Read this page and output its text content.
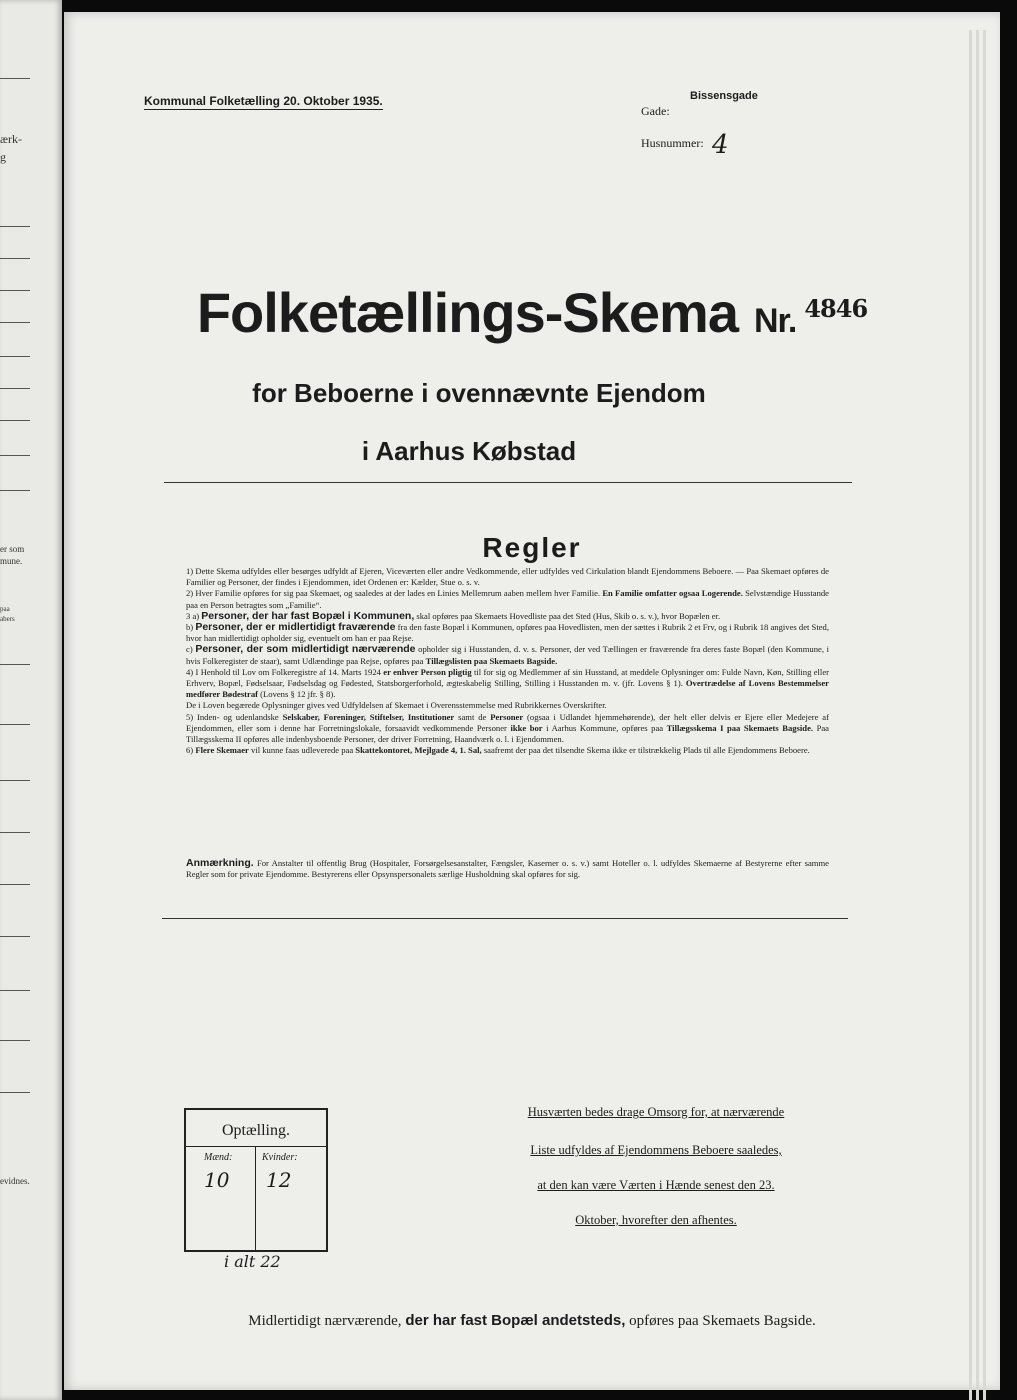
ærk-
g
er som
mune.
paa
abers
evidnes.
Kommunal Folketælling 20. Oktober 1935.
Gade:
Bissensgade
Husnummer: 4
Folketællings-Skema Nr. $^{4846}$
for Beboerne i ovennævnte Ejendom
i Aarhus Købstad
Regler

1) Dette Skema udfyldes eller besørges udfyldt af Ejeren, Viceværten eller andre Vedkommende, eller udfyldes ved Cirkulation blandt Ejendommens Beboere. — Paa Skemaet opføres de Familier og Personer, der findes i Ejendommen, idet Ordenen er: Kælder, Stue o. s. v.

2) Hver Familie opføres for sig paa Skemaet, og saaledes at der lades en Linies Mellemrum aaben mellem hver Familie. En Familie omfatter ogsaa Logerende. Selvstændige Husstande paa en Person betragtes som „Familie“.

3 a) Personer, der har fast Bopæl i Kommunen, skal opføres paa Skemaets Hovedliste paa det Sted (Hus, Skib o. s. v.), hvor Bopælen er.

b) Personer, der er midlertidigt fraværende fra den faste Bopæl i Kommunen, opføres paa Hovedlisten, men der sættes i Rubrik 2 et Frv, og i Rubrik 18 angives det Sted, hvor han midlertidigt opholder sig, eventuelt om han er paa Rejse.

c) Personer, der som midlertidigt nærværende opholder sig i Husstanden, d. v. s. Personer, der ved Tællingen er fraværende fra deres faste Bopæl (den Kommune, i hvis Folkeregister de staar), samt Udlændinge paa Rejse, opføres paa Tillægslisten paa Skemaets Bagside.

4) I Henhold til Lov om Folkeregistre af 14. Marts 1924 er enhver Person pligtig til for sig og Medlemmer af sin Husstand, at meddele Oplysninger om: Fulde Navn, Køn, Stilling eller Erhverv, Bopæl, Fødselsaar, Fødselsdag og Fødested, Statsborgerforhold, ægteskabelig Stilling, Stilling i Husstanden m. v. (jfr. Lovens § 1). Overtrædelse af Lovens Bestemmelser medfører Bødestraf (Lovens § 12 jfr. § 8).

De i Loven begærede Oplysninger gives ved Udfyldelsen af Skemaet i Overensstemmelse med Rubrikkernes Overskrifter.

5) Inden- og udenlandske Selskaber, Foreninger, Stiftelser, Institutioner samt de Personer (ogsaa i Udlandet hjemmehørende), der helt eller delvis er Ejere eller Medejere af Ejendommen, eller som i denne har Forretningslokale, forsaavidt vedkommende Personer ikke bor i Aarhus Kommune, opføres paa Tillægsskema I paa Skemaets Bagside. Paa Tillægsskema II opføres alle indenbysboende Personer, der driver Forretning, Haandværk o. l. i Ejendommen.

6) Flere Skemaer vil kunne faas udleverede paa Skattekontoret, Mejlgade 4, 1. Sal, saafremt der paa det tilsendte Skema ikke er tilstrækkelig Plads til alle Ejendommens Beboere.

Anmærkning. For Anstalter til offentlig Brug (Hospitaler, Forsørgelsesanstalter, Fængsler, Kaserner o. s. v.) samt Hoteller o. l. udfyldes Skemaerne af Bestyrerne efter samme Regler som for private Ejendomme. Bestyrerens eller Opsynspersonalets særlige Husholdning skal opføres for sig.
Optælling.
Mænd:	Kvinder:
10 12
i alt 22
Husværten bedes drage Omsorg for, at nærværende
Liste udfyldes af Ejendommens Beboere saaledes,
at den kan være Værten i Hænde senest den 23.
Oktober, hvorefter den afhentes.
Midlertidigt nærværende, der har fast Bopæl andetsteds, opføres paa Skemaets Bagside.
